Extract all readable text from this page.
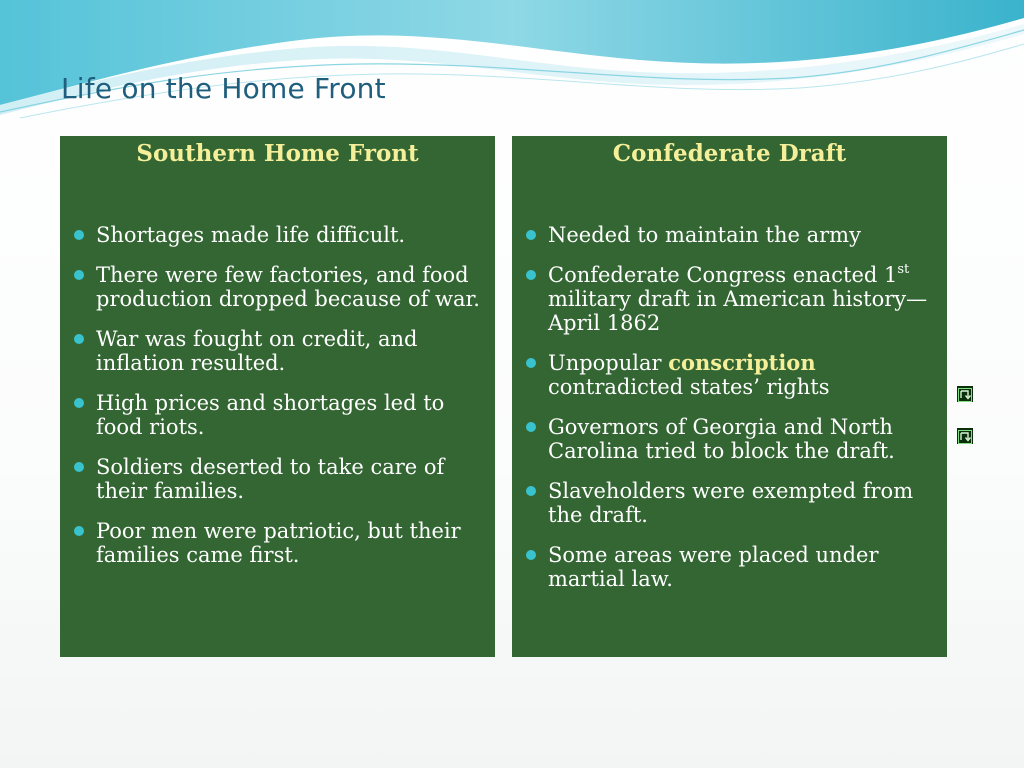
Life on the Home Front
Southern Home Front
Shortages made life difficult.
There were few factories, and food production dropped because of war.
War was fought on credit, and inflation resulted.
High prices and shortages led to food riots.
Soldiers deserted to take care of their families.
Poor men were patriotic, but their families came first.
Confederate Draft
Needed to maintain the army
Confederate Congress enacted 1st military draft in American history—April 1862
Unpopular conscription contradicted states’ rights
Governors of Georgia and North Carolina tried to block the draft.
Slaveholders were exempted from the draft.
Some areas were placed under martial law.
